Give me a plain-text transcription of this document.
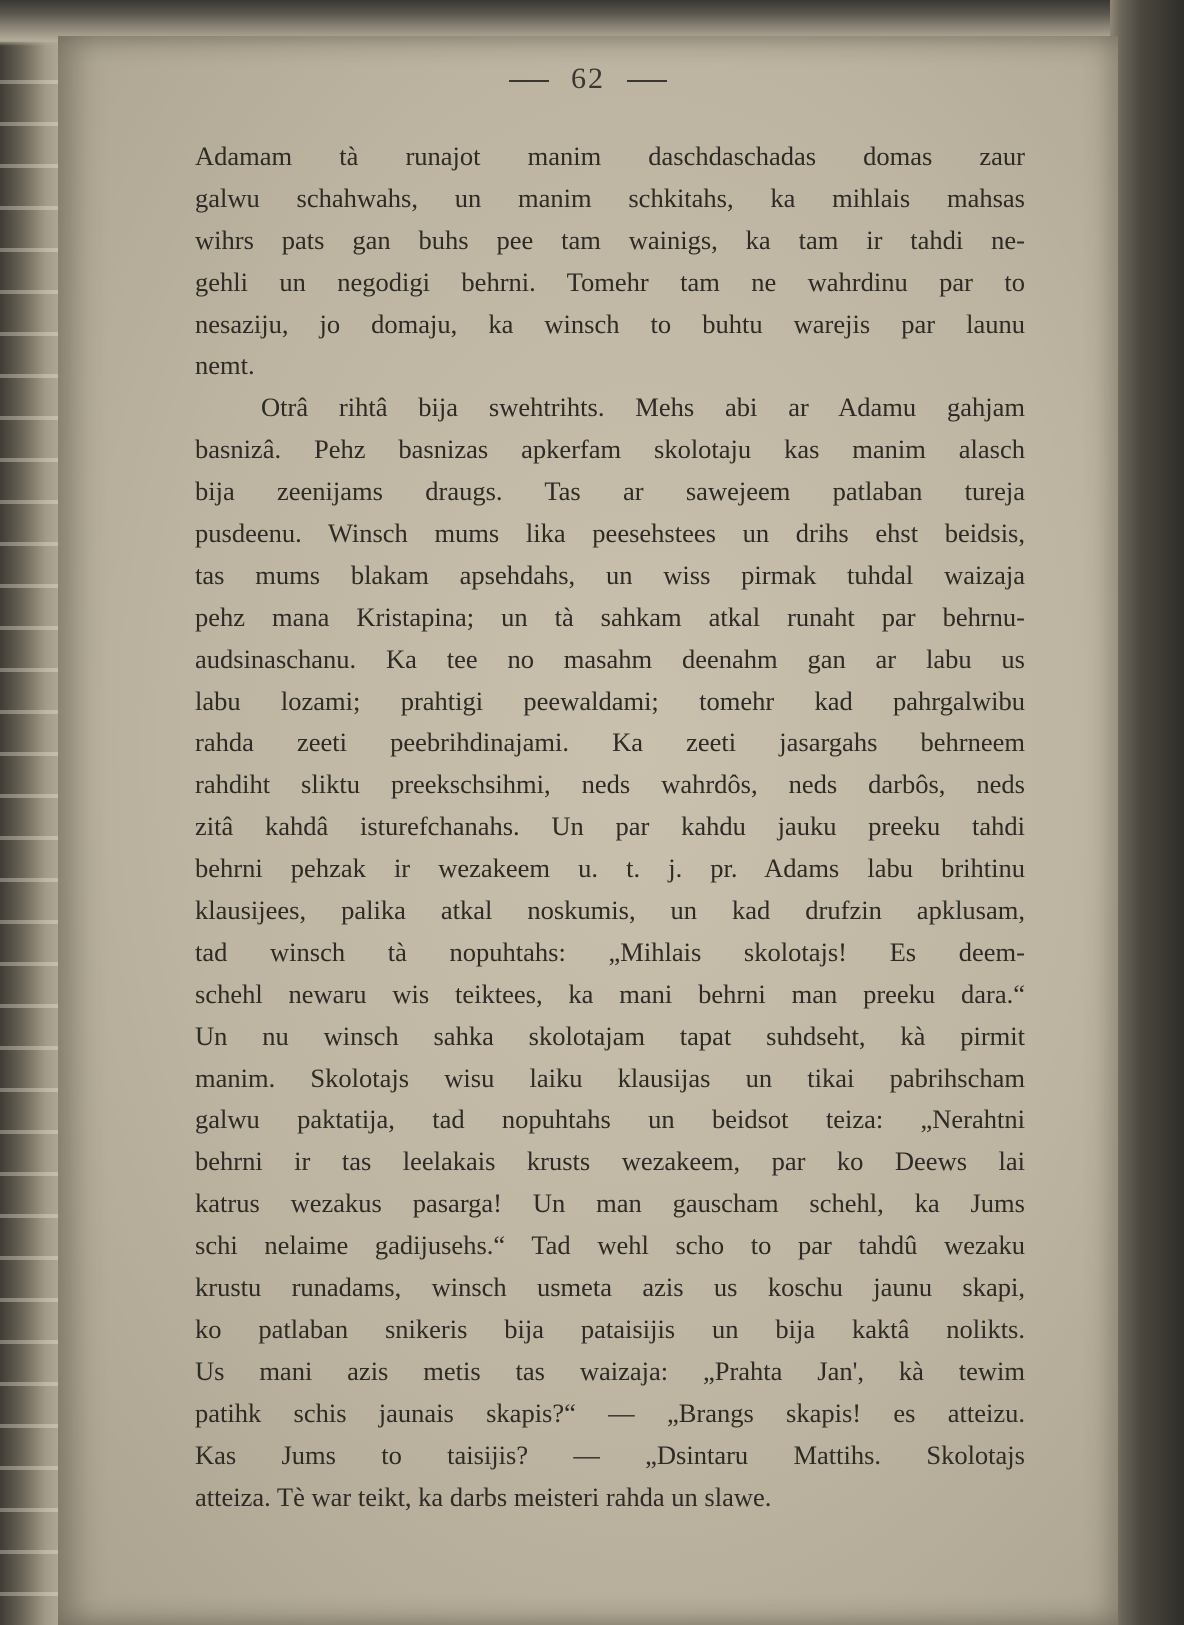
62
Adamam tà runajot manim daschdaschadas domas zaur
galwu schahwahs, un manim schkitahs, ka mihlais mahsas
wihrs pats gan buhs pee tam wainigs, ka tam ir tahdi ne-
gehli un negodigi behrni. Tomehr tam ne wahrdinu par to
nesaziju, jo domaju, ka winsch to buhtu warejis par launu
nemt.
Otrâ rihtâ bija swehtrihts. Mehs abi ar Adamu gahjam
basnizâ. Pehz basnizas apkerfam skolotaju kas manim alasch
bija zeenijams draugs. Tas ar sawejeem patlaban tureja
pusdeenu. Winsch mums lika peesehstees un drihs ehst beidsis,
tas mums blakam apsehdahs, un wiss pirmak tuhdal waizaja
pehz mana Kristapina; un tà sahkam atkal runaht par behrnu-
audsinaschanu. Ka tee no masahm deenahm gan ar labu us
labu lozami; prahtigi peewaldami; tomehr kad pahrgalwibu
rahda zeeti peebrihdinajami. Ka zeeti jasargahs behrneem
rahdiht sliktu preekschsihmi, neds wahrdôs, neds darbôs, neds
zitâ kahdâ isturefchanahs. Un par kahdu jauku preeku tahdi
behrni pehzak ir wezakeem u. t. j. pr. Adams labu brihtinu
klausijees, palika atkal noskumis, un kad drufzin apklusam,
tad winsch tà nopuhtahs: „Mihlais skolotajs! Es deem-
schehl newaru wis teiktees, ka mani behrni man preeku dara.“
Un nu winsch sahka skolotajam tapat suhdseht, kà pirmit
manim. Skolotajs wisu laiku klausijas un tikai pabrihscham
galwu paktatija, tad nopuhtahs un beidsot teiza: „Nerahtni
behrni ir tas leelakais krusts wezakeem, par ko Deews lai
katrus wezakus pasarga! Un man gauscham schehl, ka Jums
schi nelaime gadijusehs.“ Tad wehl scho to par tahdû wezaku
krustu runadams, winsch usmeta azis us koschu jaunu skapi,
ko patlaban snikeris bija pataisijis un bija kaktâ nolikts.
Us mani azis metis tas waizaja: „Prahta Jan', kà tewim
patihk schis jaunais skapis?“ — „Brangs skapis! es atteizu.
Kas Jums to taisijis? — „Dsintaru Mattihs. Skolotajs
atteiza. Tè war teikt, ka darbs meisteri rahda un slawe.
